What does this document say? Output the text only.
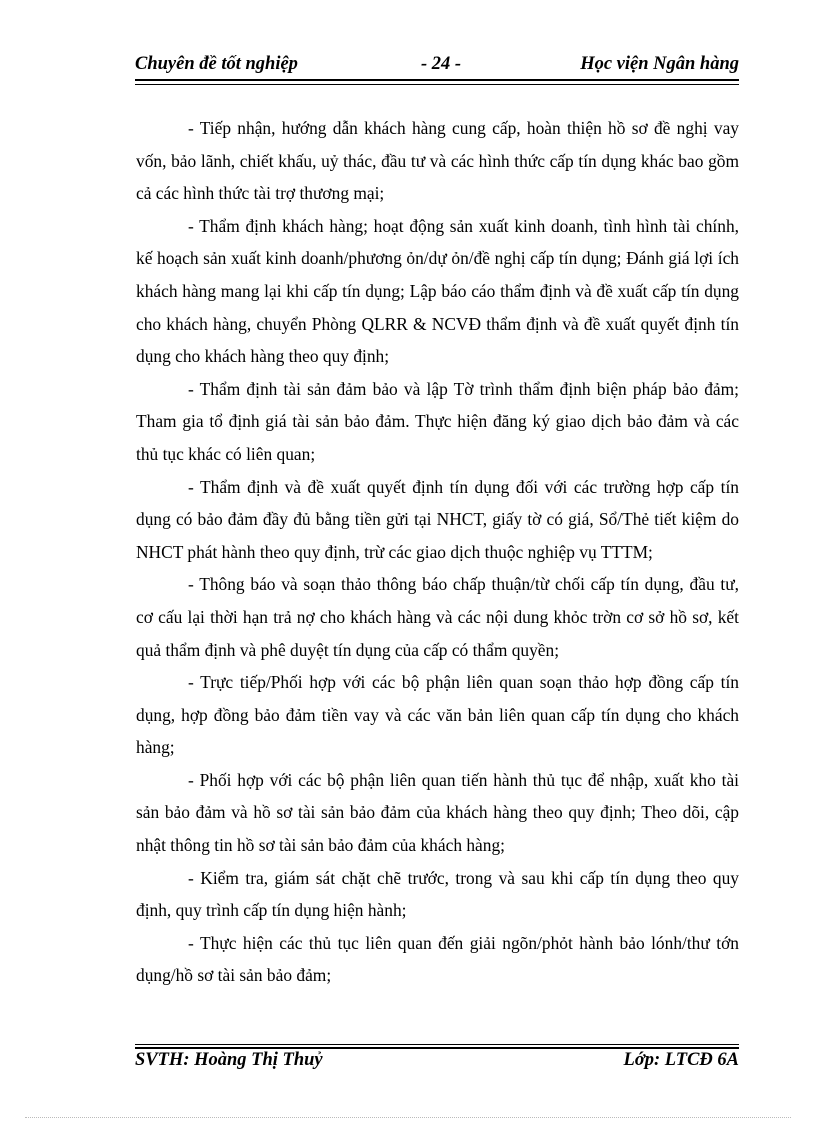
Chuyên đề tốt nghiệp	- 24 -	Học viện Ngân hàng

- Tiếp nhận, hướng dẫn khách hàng cung cấp, hoàn thiện hồ sơ đề nghị vay vốn, bảo lãnh, chiết khấu, uỷ thác, đầu tư và các hình thức cấp tín dụng khác bao gồm cả các hình thức tài trợ thương mại;

- Thẩm định khách hàng; hoạt động sản xuất kinh doanh, tình hình tài chính, kế hoạch sản xuất kinh doanh/phương ỏn/dự ỏn/đề nghị cấp tín dụng; Đánh giá lợi ích khách hàng mang lại khi cấp tín dụng; Lập báo cáo thẩm định và đề xuất cấp tín dụng cho khách hàng, chuyển Phòng QLRR & NCVĐ thẩm định và đề xuất quyết định tín dụng cho khách hàng theo quy định;

- Thẩm định tài sản đảm bảo và lập Tờ trình thẩm định biện pháp bảo đảm; Tham gia tổ định giá tài sản bảo đảm. Thực hiện đăng ký giao dịch bảo đảm và các thủ tục khác có liên quan;

- Thẩm định và đề xuất quyết định tín dụng đối với các trường hợp cấp tín dụng có bảo đảm đầy đủ bằng tiền gửi tại NHCT, giấy tờ có giá, Sổ/Thẻ tiết kiệm do NHCT phát hành theo quy định, trừ các giao dịch thuộc nghiệp vụ TTTM;

- Thông báo và soạn thảo thông báo chấp thuận/từ chối cấp tín dụng, đầu tư, cơ cấu lại thời hạn trả nợ cho khách hàng và các nội dung khỏc trờn cơ sở hồ sơ, kết quả thẩm định và phê duyệt tín dụng của cấp có thẩm quyền;

- Trực tiếp/Phối hợp với các bộ phận liên quan soạn thảo hợp đồng cấp tín dụng, hợp đồng bảo đảm tiền vay và các văn bản liên quan cấp tín dụng cho khách hàng;

- Phối hợp với các bộ phận liên quan tiến hành thủ tục để nhập, xuất kho tài sản bảo đảm và hồ sơ tài sản bảo đảm của khách hàng theo quy định; Theo dõi, cập nhật thông tin hồ sơ tài sản bảo đảm của khách hàng;

- Kiểm tra, giám sát chặt chẽ trước, trong và sau khi cấp tín dụng theo quy định, quy trình cấp tín dụng hiện hành;

- Thực hiện các thủ tục liên quan đến giải ngõn/phỏt hành bảo lónh/thư tớn dụng/hồ sơ tài sản bảo đảm;

SVTH: Hoàng Thị Thuỷ	Lớp: LTCĐ 6A
